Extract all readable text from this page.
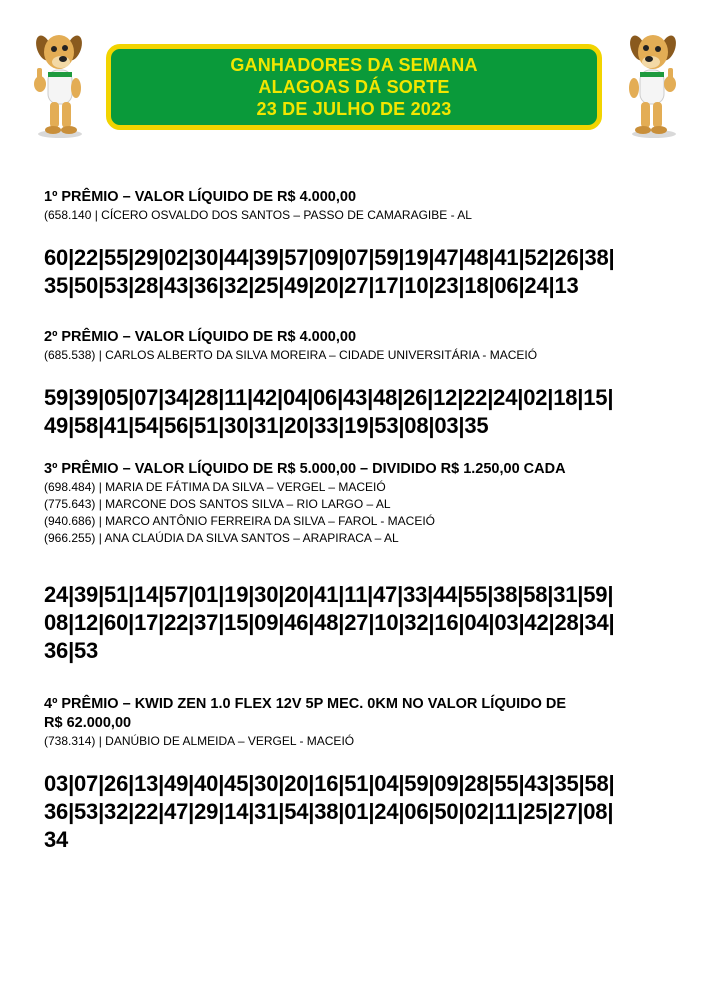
GANHADORES DA SEMANA
ALAGOAS DÁ SORTE
23 DE JULHO DE 2023
1º PRÊMIO – VALOR LÍQUIDO DE R$ 4.000,00
(658.140 | CÍCERO OSVALDO DOS SANTOS – PASSO DE CAMARAGIBE - AL
60|22|55|29|02|30|44|39|57|09|07|59|19|47|48|41|52|26|38|
35|50|53|28|43|36|32|25|49|20|27|17|10|23|18|06|24|13
2º PRÊMIO – VALOR LÍQUIDO DE R$ 4.000,00
(685.538) | CARLOS ALBERTO DA SILVA MOREIRA – CIDADE UNIVERSITÁRIA - MACEIÓ
59|39|05|07|34|28|11|42|04|06|43|48|26|12|22|24|02|18|15|
49|58|41|54|56|51|30|31|20|33|19|53|08|03|35
3º PRÊMIO – VALOR LÍQUIDO DE R$ 5.000,00 – DIVIDIDO R$ 1.250,00 CADA
(698.484) | MARIA DE FÁTIMA DA SILVA – VERGEL – MACEIÓ
(775.643) | MARCONE DOS SANTOS SILVA – RIO LARGO – AL
(940.686) | MARCO ANTÔNIO FERREIRA DA SILVA – FAROL - MACEIÓ
(966.255) | ANA CLAÚDIA DA SILVA SANTOS – ARAPIRACA – AL
24|39|51|14|57|01|19|30|20|41|11|47|33|44|55|38|58|31|59|
08|12|60|17|22|37|15|09|46|48|27|10|32|16|04|03|42|28|34|
36|53
4º PRÊMIO – KWID ZEN 1.0 FLEX 12V 5P MEC. 0KM NO VALOR LÍQUIDO DE
R$ 62.000,00
(738.314) | DANÚBIO DE ALMEIDA – VERGEL - MACEIÓ
03|07|26|13|49|40|45|30|20|16|51|04|59|09|28|55|43|35|58|
36|53|32|22|47|29|14|31|54|38|01|24|06|50|02|11|25|27|08|
34
